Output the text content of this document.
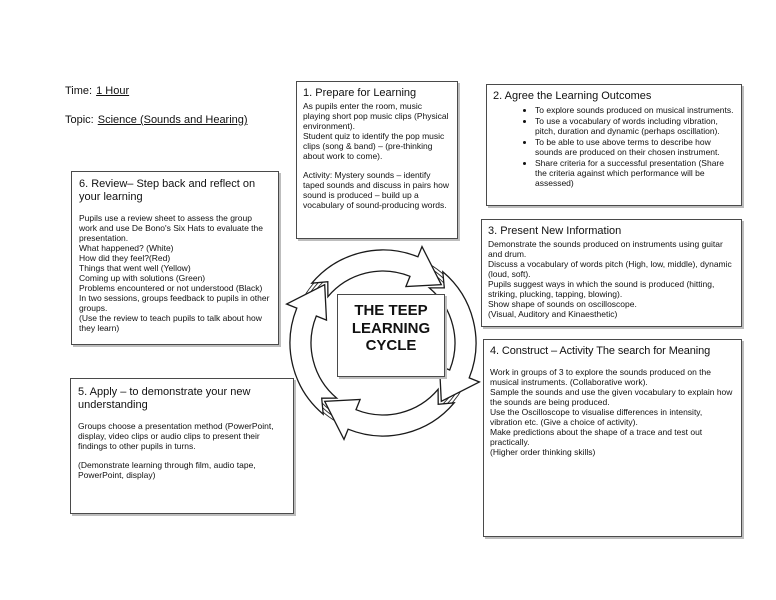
Time: 1 Hour
Topic: Science (Sounds and Hearing)
1. Prepare for Learning
As pupils enter the room, music playing short pop music clips (Physical environment).
Student quiz to identify the pop music clips (song & band) – (pre-thinking about work to come).
Activity: Mystery sounds – identify taped sounds and discuss in pairs how sound is produced – build up a vocabulary of sound-producing words.
2. Agree the Learning Outcomes
• To explore sounds produced on musical instruments.
• To use a vocabulary of words including vibration, pitch, duration and dynamic (perhaps oscillation).
• To be able to use above terms to describe how sounds are produced on their chosen instrument.
• Share criteria for a successful presentation (Share the criteria against which performance will be assessed)
3. Present New Information
Demonstrate the sounds produced on instruments using guitar and drum.
Discuss a vocabulary of words pitch (High, low, middle), dynamic (loud, soft).
Pupils suggest ways in which the sound is produced (hitting, striking, plucking, tapping, blowing).
Show shape of sounds on oscilloscope.
(Visual, Auditory and Kinaesthetic)
4. Construct – Activity The search for Meaning
Work in groups of 3 to explore the sounds produced on the musical instruments. (Collaborative work).
Sample the sounds and use the given vocabulary to explain how the sounds are being produced.
Use the Oscilloscope to visualise differences in intensity, vibration etc. (Give a choice of activity).
Make predictions about the shape of a trace and test out practically.
(Higher order thinking skills)
5. Apply – to demonstrate your new understanding
Groups choose a presentation method (PowerPoint, display, video clips or audio clips to present their findings to other pupils in turns.
(Demonstrate learning through film, audio tape, PowerPoint, display)
6. Review– Step back and reflect on your learning
Pupils use a review sheet to assess the group work and use De Bono's Six Hats to evaluate the presentation.
What happened? (White)
How did they feel?(Red)
Things that went well (Yellow)
Coming up with solutions (Green)
Problems encountered or not understood (Black)
In two sessions, groups feedback to pupils in other groups.
(Use the review to teach pupils to talk about how they learn)
THE TEEP
LEARNING
CYCLE
